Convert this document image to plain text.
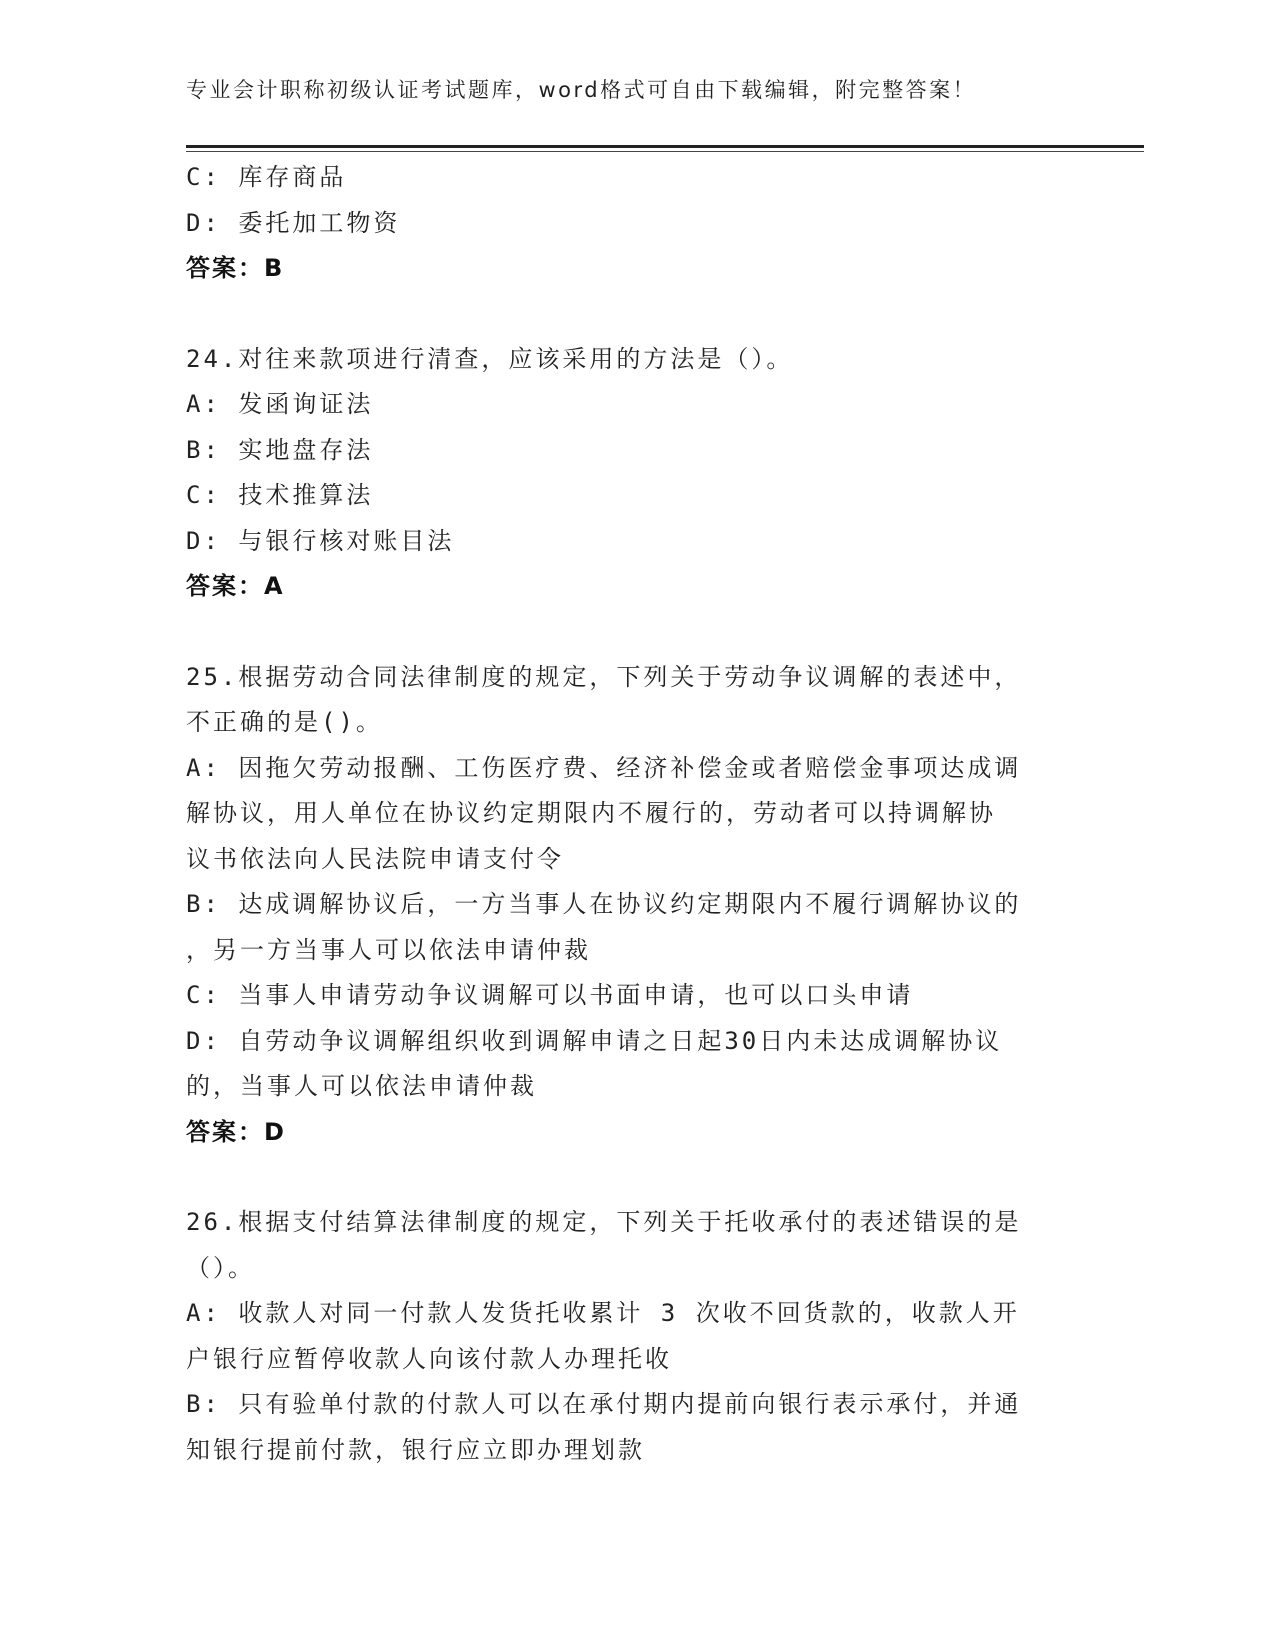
专业会计职称初级认证考试题库，word格式可自由下载编辑，附完整答案！
C: 库存商品
D: 委托加工物资
答案：B
24.对往来款项进行清查，应该采用的方法是（）。
A: 发函询证法
B: 实地盘存法
C: 技术推算法
D: 与银行核对账目法
答案：A
25.根据劳动合同法律制度的规定，下列关于劳动争议调解的表述中，
不正确的是()。
A: 因拖欠劳动报酬、工伤医疗费、经济补偿金或者赔偿金事项达成调
解协议，用人单位在协议约定期限内不履行的，劳动者可以持调解协
议书依法向人民法院申请支付令
B: 达成调解协议后，一方当事人在协议约定期限内不履行调解协议的
，另一方当事人可以依法申请仲裁
C: 当事人申请劳动争议调解可以书面申请，也可以口头申请
D: 自劳动争议调解组织收到调解申请之日起30日内未达成调解协议
的，当事人可以依法申请仲裁
答案：D
26.根据支付结算法律制度的规定，下列关于托收承付的表述错误的是
（）。
A: 收款人对同一付款人发货托收累计 3 次收不回货款的，收款人开
户银行应暂停收款人向该付款人办理托收
B: 只有验单付款的付款人可以在承付期内提前向银行表示承付，并通
知银行提前付款，银行应立即办理划款
